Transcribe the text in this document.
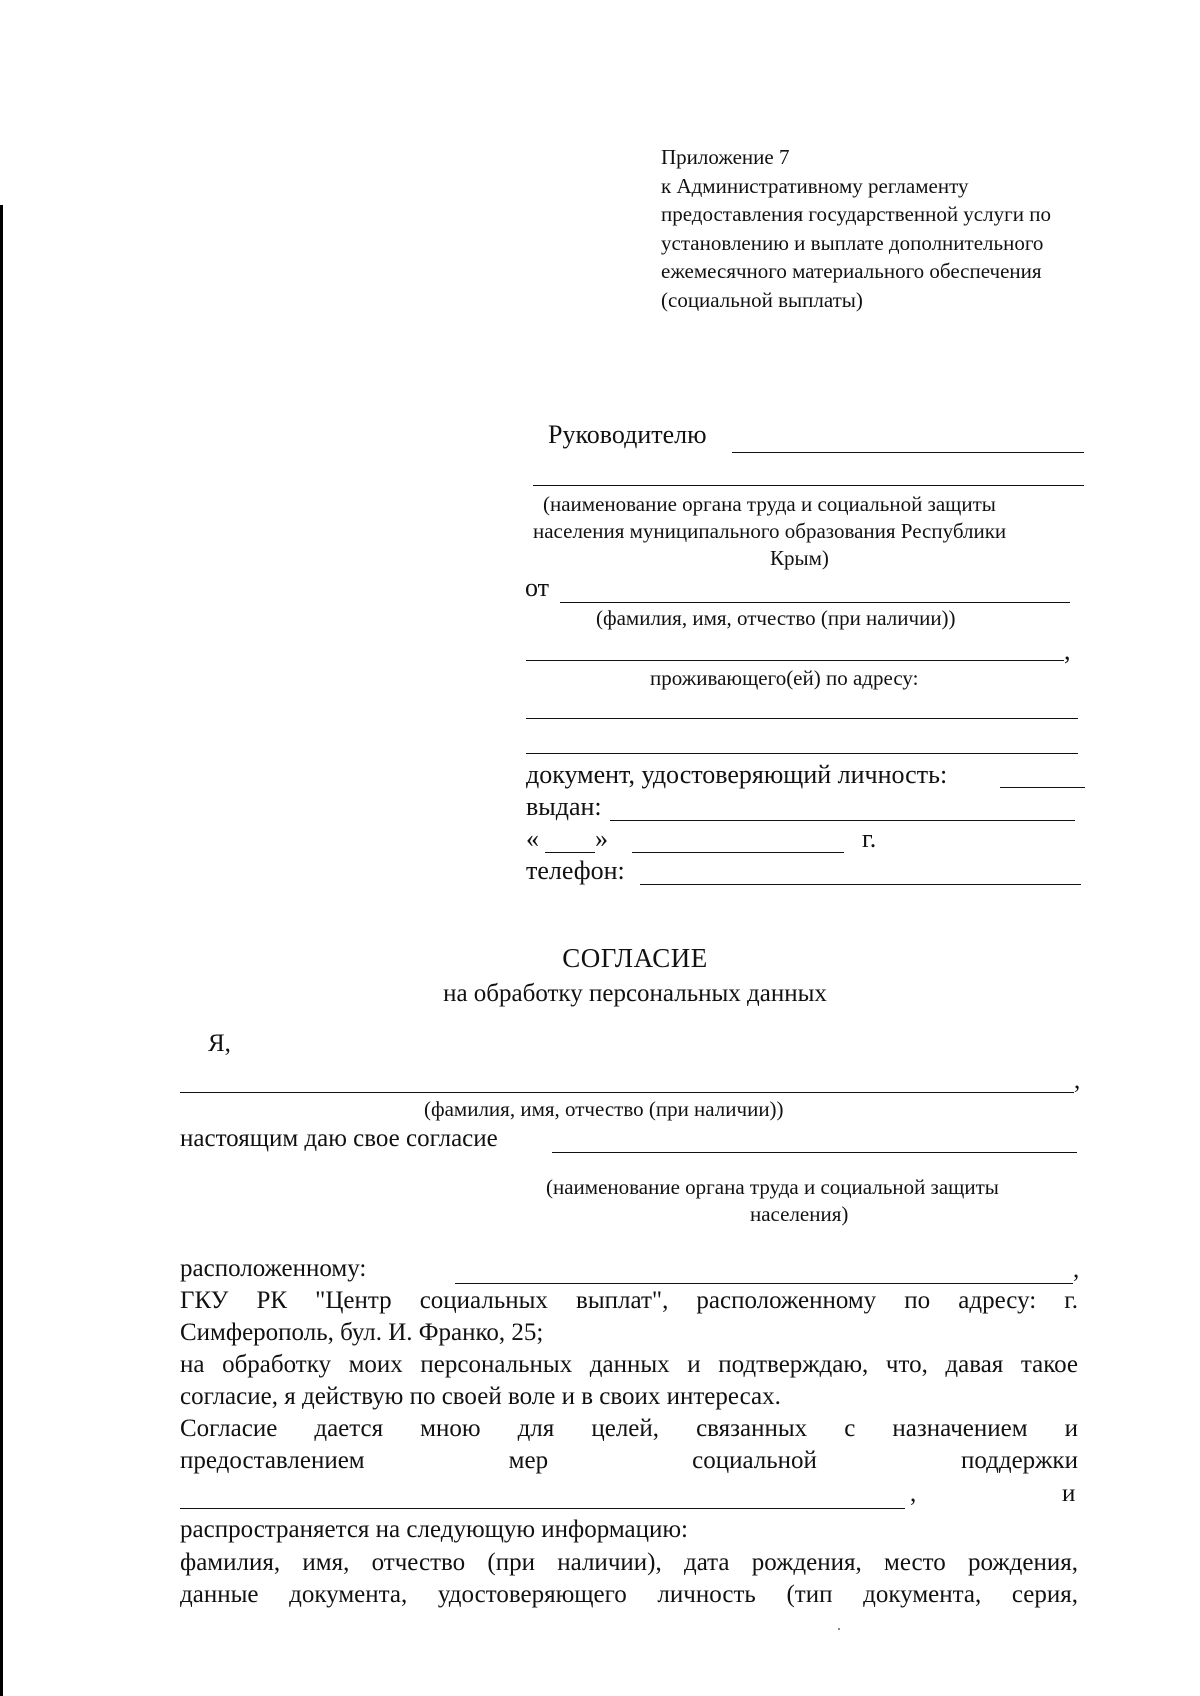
Приложение 7
к Административному регламенту
предоставления государственной услуги по
установлению и выплате дополнительного
ежемесячного материального обеспечения
(социальной выплаты)
Руководителю
(наименование органа труда и социальной защиты
населения муниципального образования Республики
Крым)
от
(фамилия, имя, отчество (при наличии))
,
проживающего(ей) по адресу:
документ, удостоверяющий личность:
выдан:
« »	г.
телефон:
СОГЛАСИЕ
на обработку персональных данных
Я,
,
(фамилия, имя, отчество (при наличии))
настоящим даю свое согласие
(наименование органа труда и социальной защиты
населения)
расположенному:	,
ГКУ РК "Центр социальных выплат", расположенному по адресу: г.
Симферополь, бул. И. Франко, 25;
на обработку моих персональных данных и подтверждаю, что, давая такое
согласие, я действую по своей воле и в своих интересах.
Согласие дается мною для целей, связанных с назначением и
предоставлением	мер	социальной	поддержки
,	и
распространяется на следующую информацию:
фамилия, имя, отчество (при наличии), дата рождения, место рождения,
данные документа, удостоверяющего личность (тип документа, серия,
